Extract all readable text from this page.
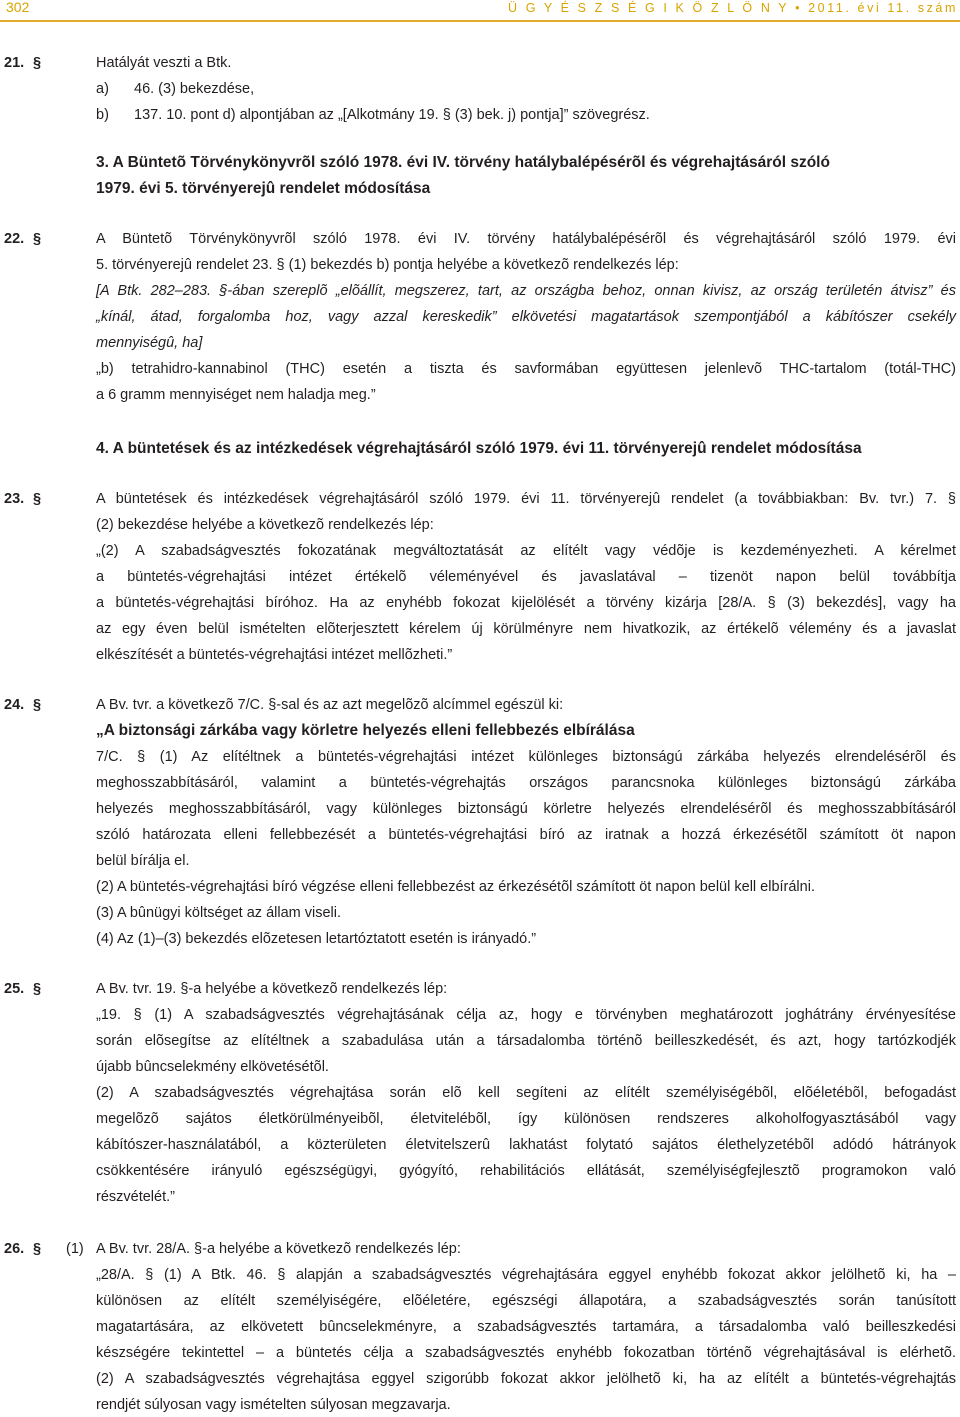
302	Ü G Y É S Z S É G I K Ö Z L Ö N Y • 2011. évi 11. szám
21. §	Hatályát veszti a Btk.
a) 46. (3) bekezdése,
b) 137. 10. pont d) alpontjában az „[Alkotmány 19. § (3) bek. j) pontja]” szövegrész.
3. A Büntetõ Törvénykönyvrõl szóló 1978. évi IV. törvény hatálybalépésérõl és végrehajtásáról szóló
1979. évi 5. törvényerejû rendelet módosítása
22. §	A Büntetõ Törvénykönyvrõl szóló 1978. évi IV. törvény hatálybalépésérõl és végrehajtásáról szóló 1979. évi
5. törvényerejû rendelet 23. § (1) bekezdés b) pontja helyébe a következõ rendelkezés lép:
[A Btk. 282–283. §-ában szereplõ „elõállít, megszerez, tart, az országba behoz, onnan kivisz, az ország területén átvisz” és
„kínál, átad, forgalomba hoz, vagy azzal kereskedik” elkövetési magatartások szempontjából a kábítószer csekély
mennyiségû, ha]
„b) tetrahidro-kannabinol (THC) esetén a tiszta és savformában együttesen jelenlevõ THC-tartalom (totál-THC)
a 6 gramm mennyiséget nem haladja meg.”
4. A büntetések és az intézkedések végrehajtásáról szóló 1979. évi 11. törvényerejû rendelet módosítása
23. §	A büntetések és intézkedések végrehajtásáról szóló 1979. évi 11. törvényerejû rendelet (a továbbiakban: Bv. tvr.) 7. §
(2) bekezdése helyébe a következõ rendelkezés lép:
„(2) A szabadságvesztés fokozatának megváltoztatását az elítélt vagy védõje is kezdeményezheti. A kérelmet
a büntetés-végrehajtási intézet értékelõ véleményével és javaslatával – tizenöt napon belül továbbítja
a büntetés-végrehajtási bíróhoz. Ha az enyhébb fokozat kijelölését a törvény kizárja [28/A. § (3) bekezdés], vagy ha
az egy éven belül ismételten elõterjesztett kérelem új körülményre nem hivatkozik, az értékelõ vélemény és a javaslat
elkészítését a büntetés-végrehajtási intézet mellõzheti.”
24. §	A Bv. tvr. a következõ 7/C. §-sal és az azt megelõzõ alcímmel egészül ki:
„A biztonsági zárkába vagy körletre helyezés elleni fellebbezés elbírálása
7/C. § (1) Az elítéltnek a büntetés-végrehajtási intézet különleges biztonságú zárkába helyezés elrendelésérõl és
meghosszabbításáról, valamint a büntetés-végrehajtás országos parancsnoka különleges biztonságú zárkába
helyezés meghosszabbításáról, vagy különleges biztonságú körletre helyezés elrendelésérõl és meghosszabbításáról
szóló határozata elleni fellebbezését a büntetés-végrehajtási bíró az iratnak a hozzá érkezésétõl számított öt napon
belül bírálja el.
(2) A büntetés-végrehajtási bíró végzése elleni fellebbezést az érkezésétõl számított öt napon belül kell elbírálni.
(3) A bûnügyi költséget az állam viseli.
(4) Az (1)–(3) bekezdés elõzetesen letartóztatott esetén is irányadó.”
25. §	A Bv. tvr. 19. §-a helyébe a következõ rendelkezés lép:
„19. § (1) A szabadságvesztés végrehajtásának célja az, hogy e törvényben meghatározott joghátrány érvényesítése
során elõsegítse az elítéltnek a szabadulása után a társadalomba történõ beilleszkedését, és azt, hogy tartózkodjék
újabb bûncselekmény elkövetésétõl.
(2) A szabadságvesztés végrehajtása során elõ kell segíteni az elítélt személyiségébõl, elõéletébõl, befogadást
megelõzõ sajátos életkörülményeibõl, életvitelébõl, így különösen rendszeres alkoholfogyasztásából vagy
kábítószer-használatából, a közterületen életvitelszerû lakhatást folytató sajátos élethelyzetébõl adódó hátrányok
csökkentésére irányuló egészségügyi, gyógyító, rehabilitációs ellátását, személyiségfejlesztõ programokon való
részvételét.”
26. § (1) A Bv. tvr. 28/A. §-a helyébe a következõ rendelkezés lép:
„28/A. § (1) A Btk. 46. § alapján a szabadságvesztés végrehajtására eggyel enyhébb fokozat akkor jelölhetõ ki, ha –
különösen az elítélt személyiségére, elõéletére, egészségi állapotára, a szabadságvesztés során tanúsított
magatartására, az elkövetett bûncselekményre, a szabadságvesztés tartamára, a társadalomba való beilleszkedési
készségére tekintettel – a büntetés célja a szabadságvesztés enyhébb fokozatban történõ végrehajtásával is elérhetõ.
(2) A szabadságvesztés végrehajtása eggyel szigorúbb fokozat akkor jelölhetõ ki, ha az elítélt a büntetés-végrehajtás
rendjét súlyosan vagy ismételten súlyosan megzavarja.
